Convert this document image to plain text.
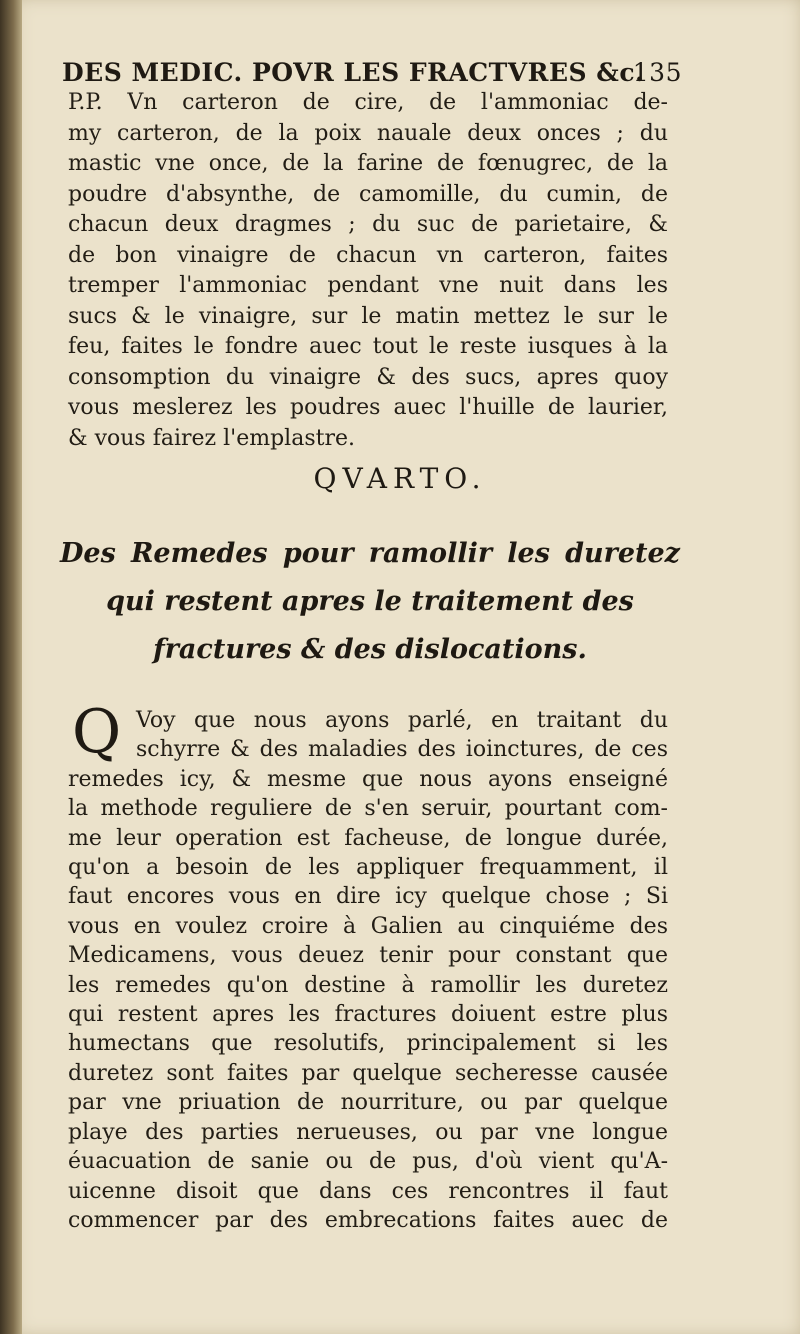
DES MEDIC. POVR LES FRACTVRES &c.
135
P.P. Vn carteron de cire, de l'ammoniac de-
my carteron, de la poix nauale deux onces ; du
mastic vne once, de la farine de fœnugrec, de la
poudre d'absynthe, de camomille, du cumin, de
chacun deux dragmes ; du suc de parietaire, &
de bon vinaigre de chacun vn carteron, faites
tremper l'ammoniac pendant vne nuit dans les
sucs & le vinaigre, sur le matin mettez le sur le
feu, faites le fondre auec tout le reste iusques à la
consomption du vinaigre & des sucs, apres quoy
vous meslerez les poudres auec l'huille de laurier,
& vous fairez l'emplastre.
QVARTO.
Des Remedes pour ramollir les duretez
qui restent apres le traitement des
fractures & des dislocations.
Q Voy que nous ayons parlé, en traitant du
schyrre & des maladies des ioinctures, de ces
remedes icy, & mesme que nous ayons enseigné
la methode reguliere de s'en seruir, pourtant com-
me leur operation est facheuse, de longue durée,
qu'on a besoin de les appliquer frequamment, il
faut encores vous en dire icy quelque chose ; Si
vous en voulez croire à Galien au cinquiéme des
Medicamens, vous deuez tenir pour constant que
les remedes qu'on destine à ramollir les duretez
qui restent apres les fractures doiuent estre plus
humectans que resolutifs, principalement si les
duretez sont faites par quelque secheresse causée
par vne priuation de nourriture, ou par quelque
playe des parties nerueuses, ou par vne longue
éuacuation de sanie ou de pus, d'où vient qu'A-
uicenne disoit que dans ces rencontres il faut
commencer par des embrecations faites auec de
